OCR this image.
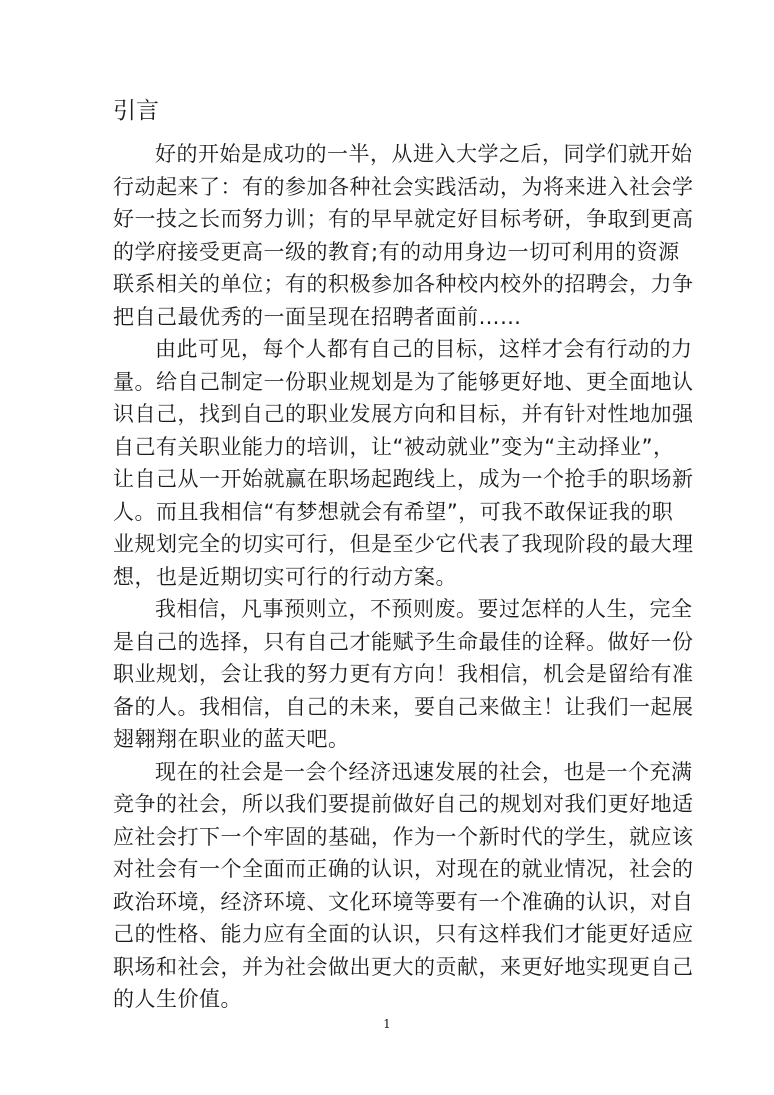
引言

好的开始是成功的一半，从进入大学之后，同学们就开始
行动起来了：有的参加各种社会实践活动，为将来进入社会学
好一技之长而努力训；有的早早就定好目标考研，争取到更高
的学府接受更高一级的教育;有的动用身边一切可利用的资源
联系相关的单位；有的积极参加各种校内校外的招聘会，力争
把自己最优秀的一面呈现在招聘者面前……

由此可见，每个人都有自己的目标，这样才会有行动的力
量。给自己制定一份职业规划是为了能够更好地、更全面地认
识自己，找到自己的职业发展方向和目标，并有针对性地加强
自己有关职业能力的培训，让“被动就业”变为“主动择业”，
让自己从一开始就赢在职场起跑线上，成为一个抢手的职场新
人。而且我相信“有梦想就会有希望”，可我不敢保证我的职
业规划完全的切实可行，但是至少它代表了我现阶段的最大理
想，也是近期切实可行的行动方案。

我相信，凡事预则立，不预则废。要过怎样的人生，完全
是自己的选择，只有自己才能赋予生命最佳的诠释。做好一份
职业规划，会让我的努力更有方向！我相信，机会是留给有准
备的人。我相信，自己的未来，要自己来做主！让我们一起展
翅翱翔在职业的蓝天吧。

现在的社会是一会个经济迅速发展的社会，也是一个充满
竞争的社会，所以我们要提前做好自己的规划对我们更好地适
应社会打下一个牢固的基础，作为一个新时代的学生，就应该
对社会有一个全面而正确的认识，对现在的就业情况，社会的
政治环境，经济环境、文化环境等要有一个准确的认识，对自
己的性格、能力应有全面的认识，只有这样我们才能更好适应
职场和社会，并为社会做出更大的贡献，来更好地实现更自己
的人生价值。

1
